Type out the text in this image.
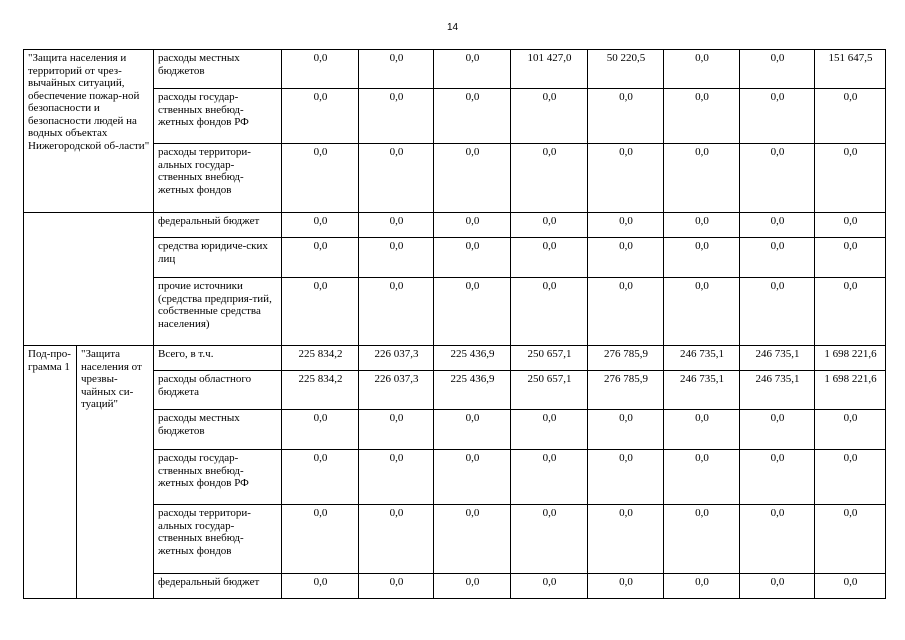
14
"Защита населения и территорий от чрез-вычайных ситуаций, обеспечение пожар-ной безопасности и безопасности людей на водных объектах Нижегородской об-ласти"		расходы местных бюджетов	0,0	0,0	0,0	101 427,0	50 220,5	0,0	0,0	151 647,5
		расходы государ-ственных внебюд-жетных фондов РФ	0,0	0,0	0,0	0,0	0,0	0,0	0,0	0,0
		расходы территори-альных государ-ственных внебюд-жетных фондов	0,0	0,0	0,0	0,0	0,0	0,0	0,0	0,0
		федеральный бюджет	0,0	0,0	0,0	0,0	0,0	0,0	0,0	0,0
		средства юридиче-ских лиц	0,0	0,0	0,0	0,0	0,0	0,0	0,0	0,0
		прочие источники (средства предприя-тий, собственные средства населения)	0,0	0,0	0,0	0,0	0,0	0,0	0,0	0,0
Под-про-грамма 1	"Защита населения от чрезвы-чайных си-туаций"	Всего, в т.ч.	225 834,2	226 037,3	225 436,9	250 657,1	276 785,9	246 735,1	246 735,1	1 698 221,6
		расходы областного бюджета	225 834,2	226 037,3	225 436,9	250 657,1	276 785,9	246 735,1	246 735,1	1 698 221,6
		расходы местных бюджетов	0,0	0,0	0,0	0,0	0,0	0,0	0,0	0,0
		расходы государ-ственных внебюд-жетных фондов РФ	0,0	0,0	0,0	0,0	0,0	0,0	0,0	0,0
		расходы территори-альных государ-ственных внебюд-жетных фондов	0,0	0,0	0,0	0,0	0,0	0,0	0,0	0,0
		федеральный бюджет	0,0	0,0	0,0	0,0	0,0	0,0	0,0	0,0
